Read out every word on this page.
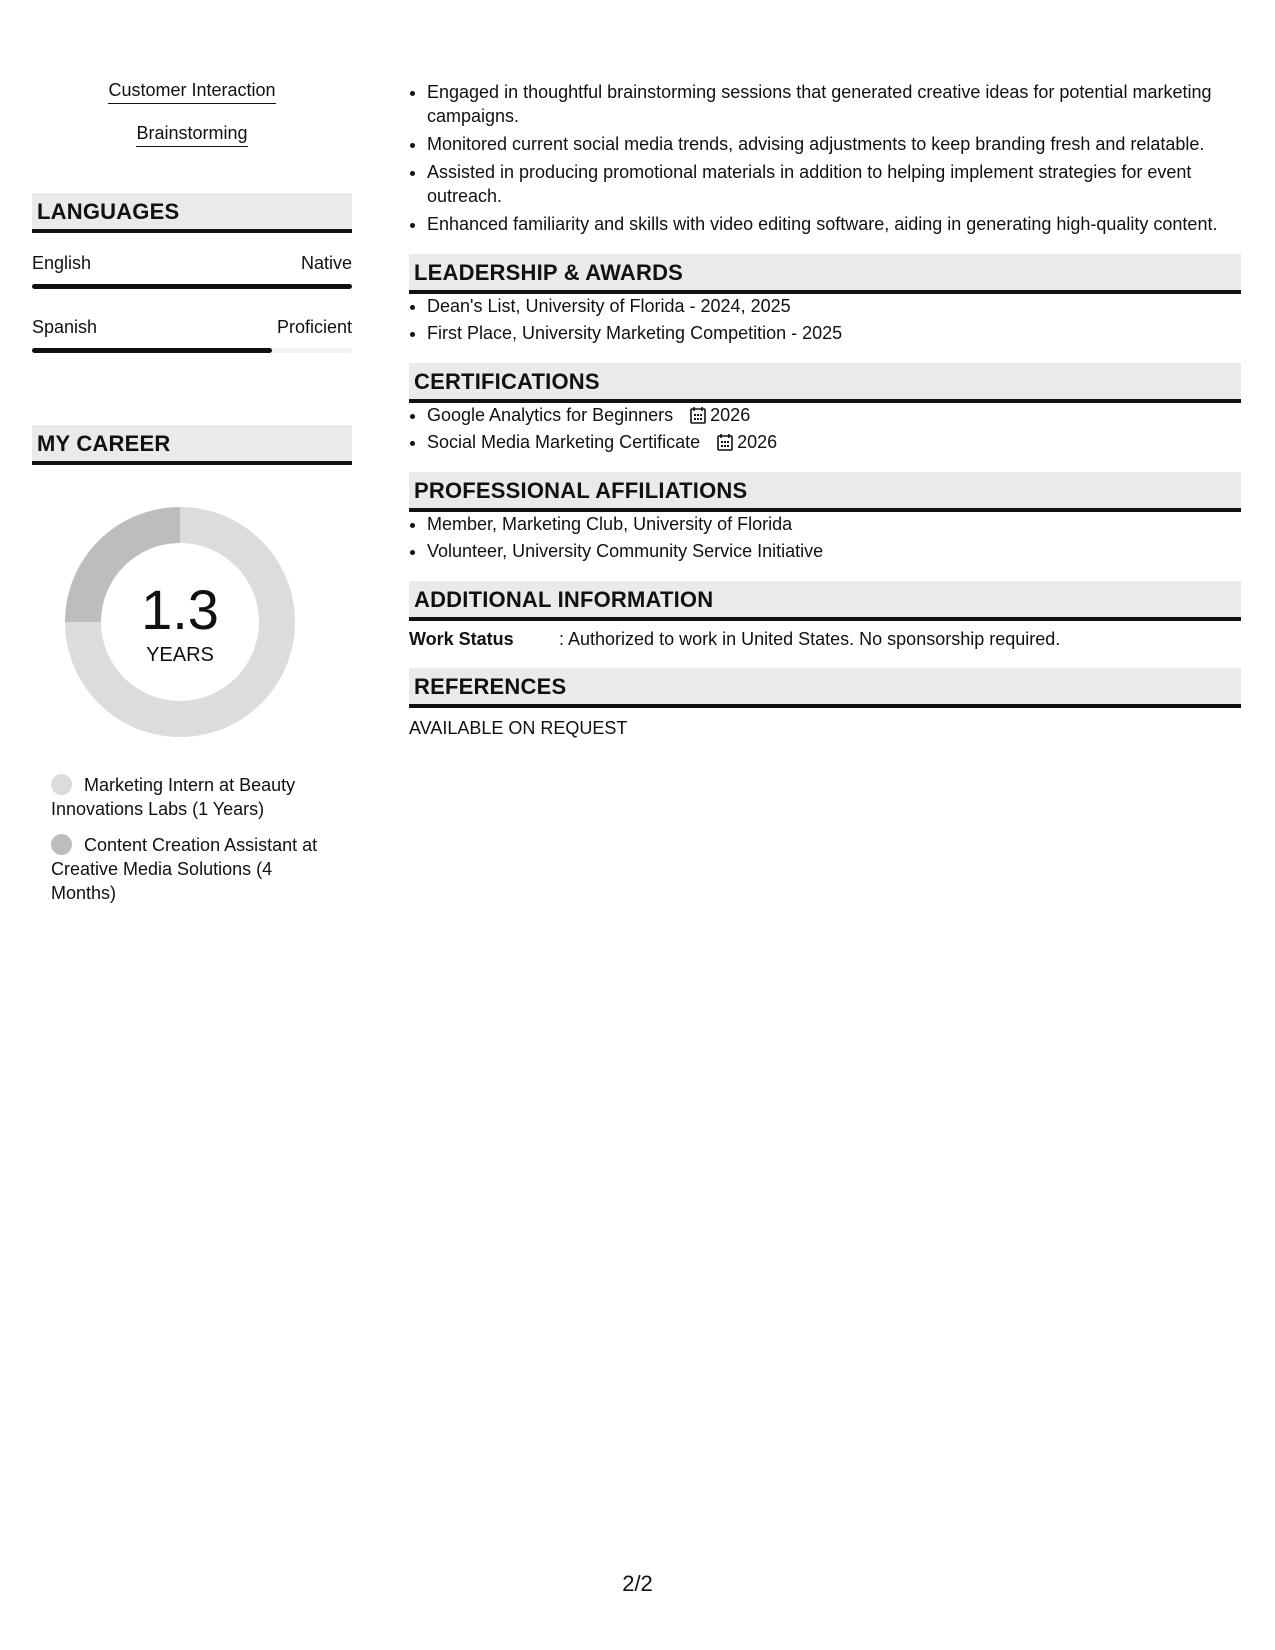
Customer Interaction
Brainstorming
LANGUAGES
English	Native
Spanish	Proficient
MY CAREER
1.3
YEARS
Marketing Intern at Beauty Innovations Labs (1 Years)
Content Creation Assistant at Creative Media Solutions (4 Months)
• Engaged in thoughtful brainstorming sessions that generated creative ideas for potential marketing campaigns.
• Monitored current social media trends, advising adjustments to keep branding fresh and relatable.
• Assisted in producing promotional materials in addition to helping implement strategies for event outreach.
• Enhanced familiarity and skills with video editing software, aiding in generating high-quality content.
LEADERSHIP & AWARDS
• Dean's List, University of Florida - 2024, 2025
• First Place, University Marketing Competition - 2025
CERTIFICATIONS
• Google Analytics for Beginners 2026
• Social Media Marketing Certificate 2026
PROFESSIONAL AFFILIATIONS
• Member, Marketing Club, University of Florida
• Volunteer, University Community Service Initiative
ADDITIONAL INFORMATION
Work Status	: Authorized to work in United States. No sponsorship required.
REFERENCES
AVAILABLE ON REQUEST
2/2
